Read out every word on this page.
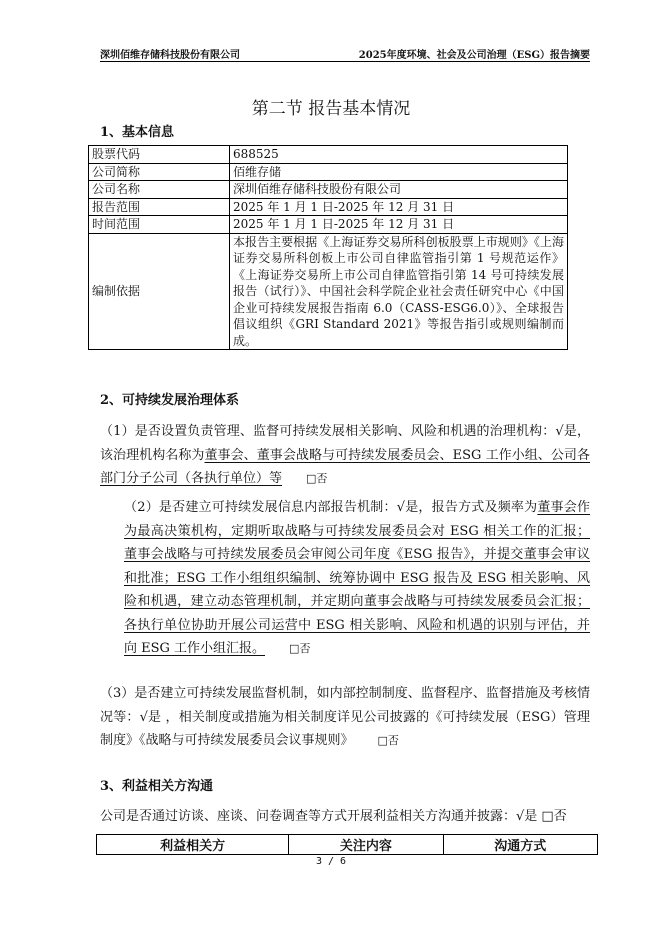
深圳佰维存储科技股份有限公司	2025年度环境、社会及公司治理（ESG）报告摘要
第二节 报告基本情况
1、基本信息
股票代码	688525
公司简称	佰维存储
公司名称	深圳佰维存储科技股份有限公司
报告范围	2025 年 1 月 1 日-2025 年 12 月 31 日
时间范围	2025 年 1 月 1 日-2025 年 12 月 31 日
编制依据	本报告主要根据《上海证券交易所科创板股票上市规则》《上海证券交易所科创板上市公司自律监管指引第 1 号规范运作》《上海证券交易所上市公司自律监管指引第 14 号可持续发展报告（试行）》、中国社会科学院企业社会责任研究中心《中国企业可持续发展报告指南 6.0（CASS-ESG6.0）》、全球报告倡议组织《GRI Standard 2021》等报告指引或规则编制而成。
2、可持续发展治理体系
（1）是否设置负责管理、监督可持续发展相关影响、风险和机遇的治理机构：√是，该治理机构名称为董事会、董事会战略与可持续发展委员会、ESG 工作小组、公司各部门分子公司（各执行单位）等 □否
（2）是否建立可持续发展信息内部报告机制：√是，报告方式及频率为董事会作为最高决策机构，定期听取战略与可持续发展委员会对 ESG 相关工作的汇报；董事会战略与可持续发展委员会审阅公司年度《ESG 报告》，并提交董事会审议和批准；ESG 工作小组组织编制、统筹协调中 ESG 报告及 ESG 相关影响、风险和机遇，建立动态管理机制，并定期向董事会战略与可持续发展委员会汇报；各执行单位协助开展公司运营中 ESG 相关影响、风险和机遇的识别与评估，并向 ESG 工作小组汇报。 □否
（3）是否建立可持续发展监督机制，如内部控制制度、监督程序、监督措施及考核情况等：√是 ，相关制度或措施为相关制度详见公司披露的《可持续发展（ESG）管理制度》《战略与可持续发展委员会议事规则》 □否
3、利益相关方沟通
公司是否通过访谈、座谈、问卷调查等方式开展利益相关方沟通并披露：√是 □否
利益相关方	关注内容	沟通方式
3 / 6
